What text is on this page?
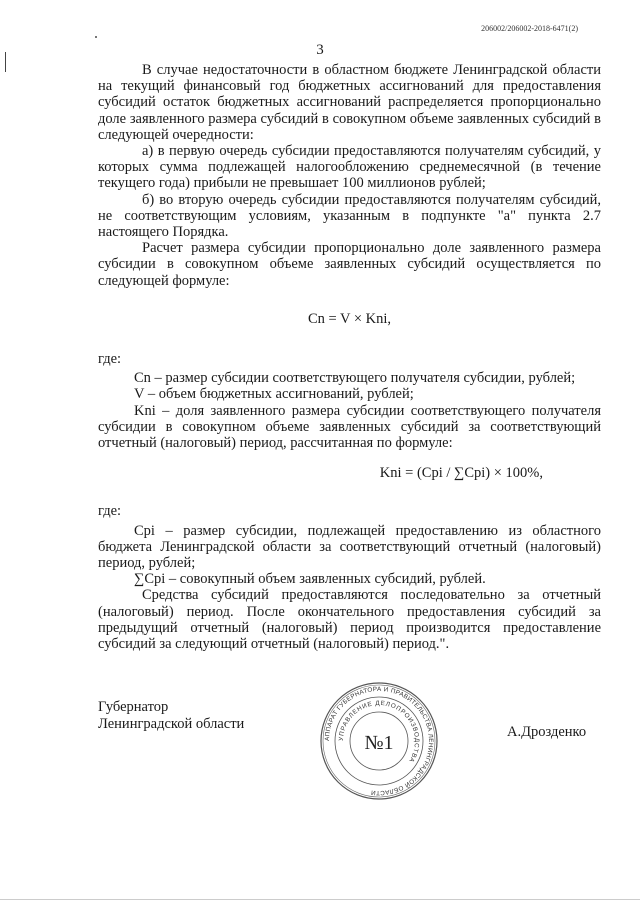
206002/206002-2018-6471(2)
3

В случае недостаточности в областном бюджете Ленинградской области на текущий финансовый год бюджетных ассигнований для предоставления субсидий остаток бюджетных ассигнований распределяется пропорционально доле заявленного размера субсидий в совокупном объеме заявленных субсидий в следующей очередности:

а) в первую очередь субсидии предоставляются получателям субсидий, у которых сумма подлежащей налогообложению среднемесячной (в течение текущего года) прибыли не превышает 100 миллионов рублей;

б) во вторую очередь субсидии предоставляются получателям субсидий, не соответствующим условиям, указанным в подпункте "а" пункта 2.7 настоящего Порядка.

Расчет размера субсидии пропорционально доле заявленного размера субсидии в совокупном объеме заявленных субсидий осуществляется по следующей формуле:

Cn = V × Kni,

где:

Cn – размер субсидии соответствующего получателя субсидии, рублей;

V – объем бюджетных ассигнований, рублей;

Kni – доля заявленного размера субсидии соответствующего получателя субсидии в совокупном объеме заявленных субсидий за соответствующий отчетный (налоговый) период, рассчитанная по формуле:

Kni = (Cpi / ∑Cpi) × 100%,

где:

Cpi – размер субсидии, подлежащей предоставлению из областного бюджета Ленинградской области за соответствующий отчетный (налоговый) период, рублей;

∑Cpi – совокупный объем заявленных субсидий, рублей.

Средства субсидий предоставляются последовательно за отчетный (налоговый) период. После окончательного предоставления субсидий за предыдущий отчетный (налоговый) период производится предоставление субсидий за следующий отчетный (налоговый) период.".

Губернатор
Ленинградской области
АППАРАТ ГУБЕРНАТОРА И ПРАВИТЕЛЬСТВА ЛЕНИНГРАДСКОЙ ОБЛАСТИ
УПРАВЛЕНИЕ ДЕЛОПРОИЗВОДСТВА
№1	А.Дрозденко
